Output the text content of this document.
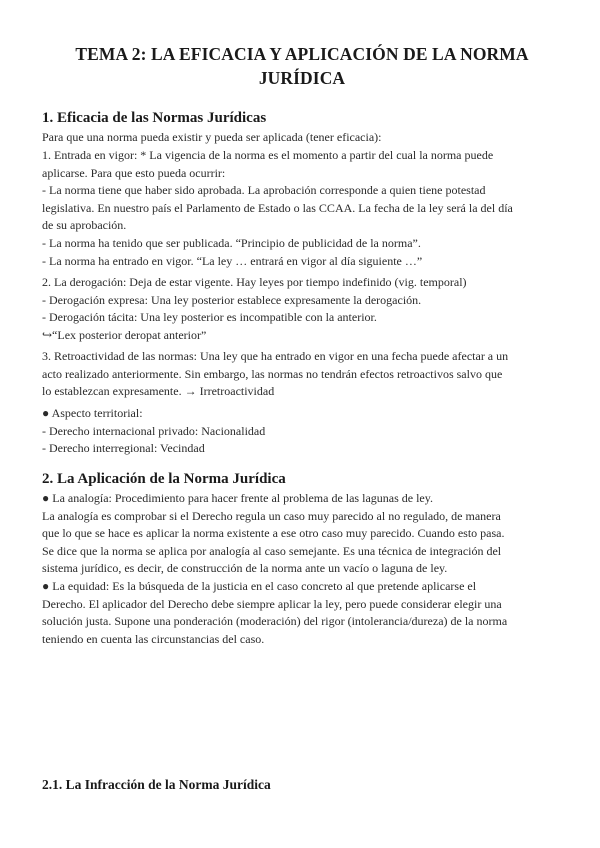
TEMA 2: LA EFICACIA Y APLICACIÓN DE LA NORMA JURÍDICA
1. Eficacia de las Normas Jurídicas
Para que una norma pueda existir y pueda ser aplicada (tener eficacia):
1. Entrada en vigor: * La vigencia de la norma es el momento a partir del cual la norma puede
aplicarse. Para que esto pueda ocurrir:
- La norma tiene que haber sido aprobada. La aprobación corresponde a quien tiene potestad
legislativa. En nuestro país el Parlamento de Estado o las CCAA. La fecha de la ley será la del día
de su aprobación.
- La norma ha tenido que ser publicada. “Principio de publicidad de la norma”.
- La norma ha entrado en vigor. “La ley … entrará en vigor al día siguiente …”
2. La derogación: Deja de estar vigente. Hay leyes por tiempo indefinido (vig. temporal)
- Derogación expresa: Una ley posterior establece expresamente la derogación.
- Derogación tácita: Una ley posterior es incompatible con la anterior.
↪“Lex posterior deropat anterior”
3. Retroactividad de las normas: Una ley que ha entrado en vigor en una fecha puede afectar a un
acto realizado anteriormente. Sin embargo, las normas no tendrán efectos retroactivos salvo que
lo establezcan expresamente. → Irretroactividad
● Aspecto territorial:
- Derecho internacional privado: Nacionalidad
- Derecho interregional: Vecindad
2. La Aplicación de la Norma Jurídica
● La analogía: Procedimiento para hacer frente al problema de las lagunas de ley.
La analogía es comprobar si el Derecho regula un caso muy parecido al no regulado, de manera
que lo que se hace es aplicar la norma existente a ese otro caso muy parecido. Cuando esto pasa.
Se dice que la norma se aplica por analogía al caso semejante. Es una técnica de integración del
sistema jurídico, es decir, de construcción de la norma ante un vacío o laguna de ley.
● La equidad: Es la búsqueda de la justicia en el caso concreto al que pretende aplicarse el
Derecho. El aplicador del Derecho debe siempre aplicar la ley, pero puede considerar elegir una
solución justa. Supone una ponderación (moderación) del rigor (intolerancia/dureza) de la norma
teniendo en cuenta las circunstancias del caso.
2.1. La Infracción de la Norma Jurídica
